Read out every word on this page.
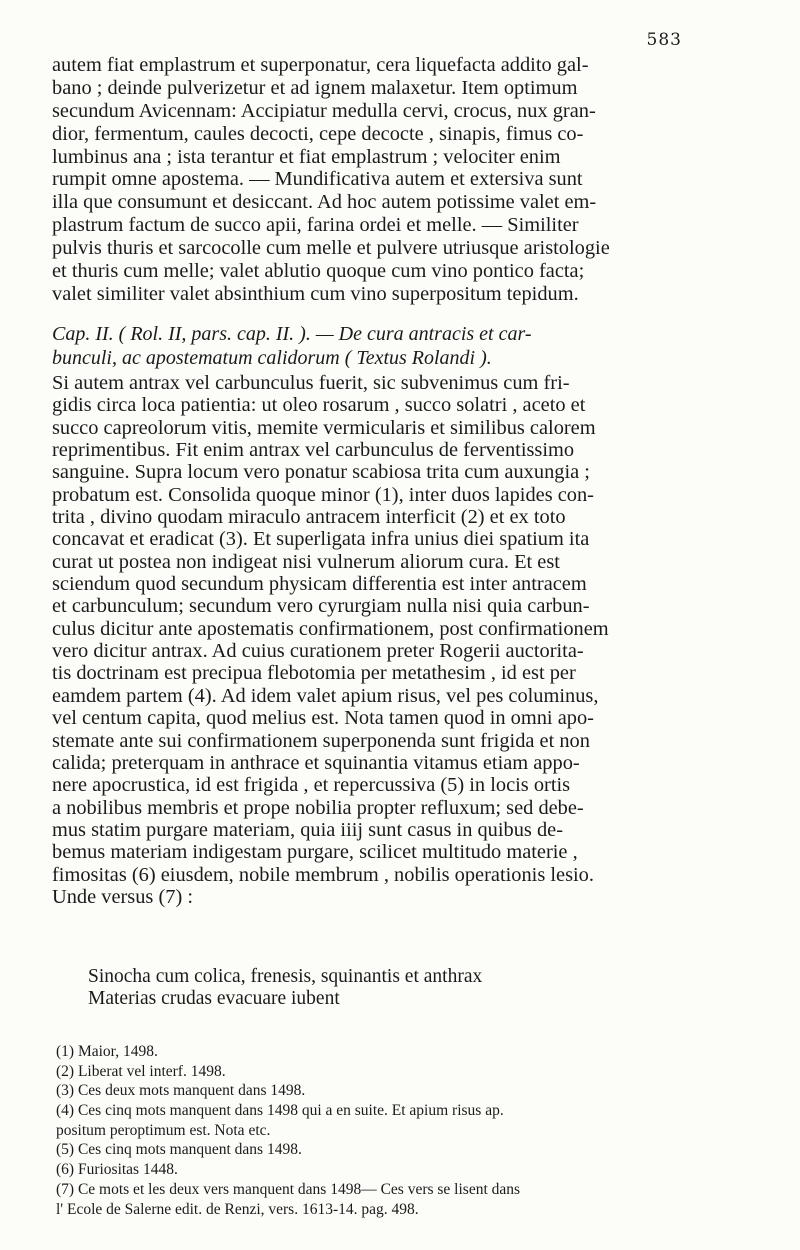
583
autem fiat emplastrum et superponatur, cera liquefacta addito gal-
bano ; deinde pulverizetur et ad ignem malaxetur. Item optimum
secundum Avicennam: Accipiatur medulla cervi, crocus, nux gran-
dior, fermentum, caules decocti, cepe decocte , sinapis, fimus co-
lumbinus ana ; ista terantur et fiat emplastrum ; velociter enim
rumpit omne apostema. — Mundificativa autem et extersiva sunt
illa que consumunt et desiccant. Ad hoc autem potissime valet em-
plastrum factum de succo apii, farina ordei et melle. — Similiter
pulvis thuris et sarcocolle cum melle et pulvere utriusque aristologie
et thuris cum melle; valet ablutio quoque cum vino pontico facta;
valet similiter valet absinthium cum vino superpositum tepidum.
Cap. II. ( Rol. II, pars. cap. II. ). — De cura antracis et car-
bunculi, ac apostematum calidorum ( Textus Rolandi ).
Si autem antrax vel carbunculus fuerit, sic subvenimus cum fri-
gidis circa loca patientia: ut oleo rosarum , succo solatri , aceto et
succo capreolorum vitis, memite vermicularis et similibus calorem
reprimentibus. Fit enim antrax vel carbunculus de ferventissimo
sanguine. Supra locum vero ponatur scabiosa trita cum auxungia ;
probatum est. Consolida quoque minor (1), inter duos lapides con-
trita , divino quodam miraculo antracem interficit (2) et ex toto
concavat et eradicat (3). Et superligata infra unius diei spatium ita
curat ut postea non indigeat nisi vulnerum aliorum cura. Et est
sciendum quod secundum physicam differentia est inter antracem
et carbunculum; secundum vero cyrurgiam nulla nisi quia carbun-
culus dicitur ante apostematis confirmationem, post confirmationem
vero dicitur antrax. Ad cuius curationem preter Rogerii auctorita-
tis doctrinam est precipua flebotomia per metathesim , id est per
eamdem partem (4). Ad idem valet apium risus, vel pes columinus,
vel centum capita, quod melius est. Nota tamen quod in omni apo-
stemate ante sui confirmationem superponenda sunt frigida et non
calida; preterquam in anthrace et squinantia vitamus etiam appo-
nere apocrustica, id est frigida , et repercussiva (5) in locis ortis
a nobilibus membris et prope nobilia propter refluxum; sed debe-
mus statim purgare materiam, quia iiij sunt casus in quibus de-
bemus materiam indigestam purgare, scilicet multitudo materie ,
fimositas (6) eiusdem, nobile membrum , nobilis operationis lesio.
Unde versus (7) :
Sinocha cum colica, frenesis, squinantis et anthrax
Materias crudas evacuare iubent
(1) Maior, 1498.
(2) Liberat vel interf. 1498.
(3) Ces deux mots manquent dans 1498.
(4) Ces cinq mots manquent dans 1498 qui a en suite. Et apium risus ap.
positum peroptimum est. Nota etc.
(5) Ces cinq mots manquent dans 1498.
(6) Furiositas 1448.
(7) Ce mots et les deux vers manquent dans 1498— Ces vers se lisent dans
l' Ecole de Salerne edit. de Renzi, vers. 1613-14. pag. 498.
